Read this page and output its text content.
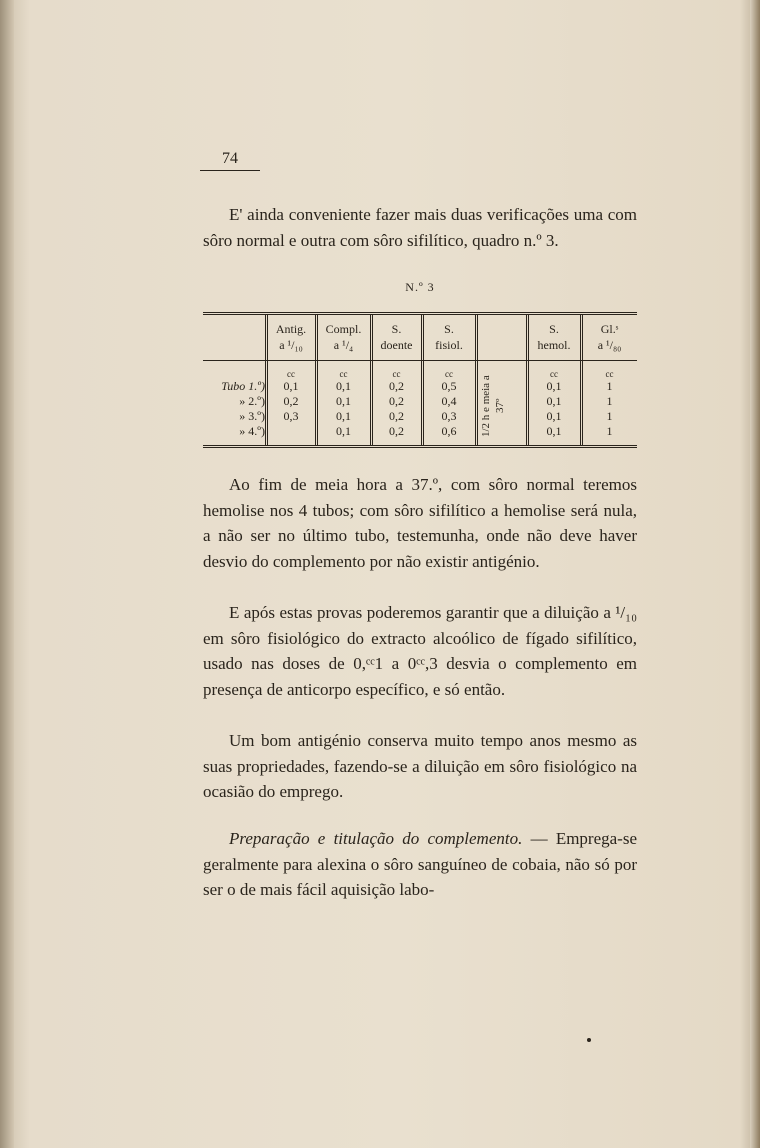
74

E' ainda conveniente fazer mais duas verificações uma com sôro normal e outra com sôro sifilítico, quadro n.º 3.

N.º 3
Antig.
a ¹/₁₀
Compl.
a ¹/₄
S.
doente
S.
fisiol.
S.
hemol.
Gl.ˢ
a ¹/₈₀
Tubo 1.º)
» 2.º)
» 3.º)
» 4.º)
cc
0,1
0,2
0,3

cc
0,1
0,1
0,1
0,1
cc
0,2
0,2
0,2
0,2
cc
0,5
0,4
0,3
0,6	1/2 h e meia a 37º
cc
0,1
0,1
0,1
0,1
cc
1
1
1
1

Ao fim de meia hora a 37.º, com sôro normal teremos hemolise nos 4 tubos; com sôro sifilítico a hemolise será nula, a não ser no último tubo, testemunha, onde não deve haver desvio do complemento por não existir antigénio.

E após estas provas poderemos garantir que a diluição a ¹/₁₀ em sôro fisiológico do extracto alcoólico de fígado sifilítico, usado nas doses de 0,ᶜᶜ1 a 0ᶜᶜ,3 desvia o complemento em presença de anticorpo específico, e só então.

Um bom antigénio conserva muito tempo anos mesmo as suas propriedades, fazendo-se a diluição em sôro fisiológico na ocasião do emprego.

Preparação e titulação do complemento. — Emprega-se geralmente para alexina o sôro sanguíneo de cobaia, não só por ser o de mais fácil aquisição labo-
